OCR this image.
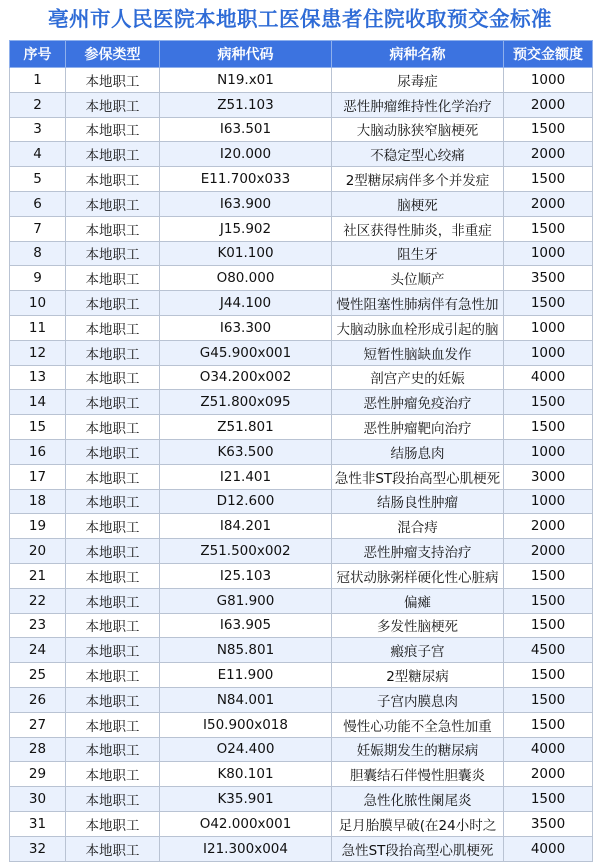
亳州市人民医院本地职工医保患者住院收取预交金标准
序号	参保类型	病种代码	病种名称	预交金额度
1	本地职工	N19.x01	尿毒症	1000
2	本地职工	Z51.103	恶性肿瘤维持性化学治疗	2000
3	本地职工	I63.501	大脑动脉狭窄脑梗死	1500
4	本地职工	I20.000	不稳定型心绞痛	2000
5	本地职工	E11.700x033	2型糖尿病伴多个并发症	1500
6	本地职工	I63.900	脑梗死	2000
7	本地职工	J15.902	社区获得性肺炎，非重症	1500
8	本地职工	K01.100	阻生牙	1000
9	本地职工	O80.000	头位顺产	3500
10	本地职工	J44.100	慢性阻塞性肺病伴有急性加	1500
11	本地职工	I63.300	大脑动脉血栓形成引起的脑	1000
12	本地职工	G45.900x001	短暂性脑缺血发作	1000
13	本地职工	O34.200x002	剖宫产史的妊娠	4000
14	本地职工	Z51.800x095	恶性肿瘤免疫治疗	1500
15	本地职工	Z51.801	恶性肿瘤靶向治疗	1500
16	本地职工	K63.500	结肠息肉	1000
17	本地职工	I21.401	急性非ST段抬高型心肌梗死	3000
18	本地职工	D12.600	结肠良性肿瘤	1000
19	本地职工	I84.201	混合痔	2000
20	本地职工	Z51.500x002	恶性肿瘤支持治疗	2000
21	本地职工	I25.103	冠状动脉粥样硬化性心脏病	1500
22	本地职工	G81.900	偏瘫	1500
23	本地职工	I63.905	多发性脑梗死	1500
24	本地职工	N85.801	瘢痕子宫	4500
25	本地职工	E11.900	2型糖尿病	1500
26	本地职工	N84.001	子宫内膜息肉	1500
27	本地职工	I50.900x018	慢性心功能不全急性加重	1500
28	本地职工	O24.400	妊娠期发生的糖尿病	4000
29	本地职工	K80.101	胆囊结石伴慢性胆囊炎	2000
30	本地职工	K35.901	急性化脓性阑尾炎	1500
31	本地职工	O42.000x001	足月胎膜早破(在24小时之	3500
32	本地职工	I21.300x004	急性ST段抬高型心肌梗死	4000
